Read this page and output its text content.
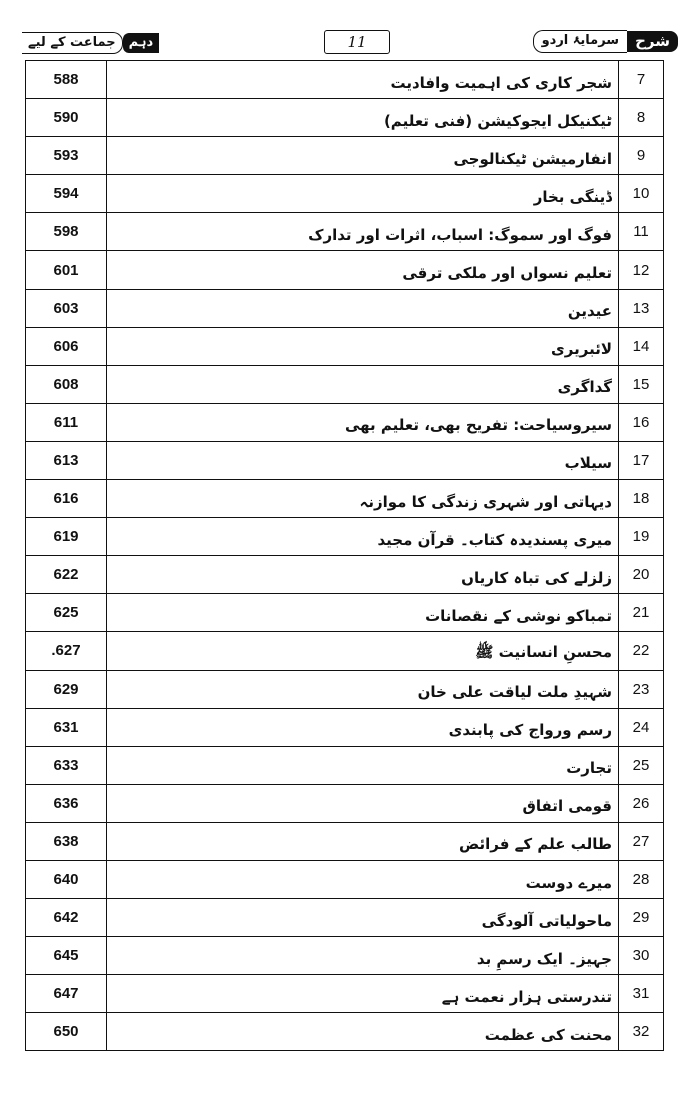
جماعت کے لیے	دہم	11	سرمایۂ اردو	شرح
588	شجر کاری کی اہمیت وافادیت	7
590	ٹیکنیکل ایجوکیشن (فنی تعلیم)	8
593	انفارمیشن ٹیکنالوجی	9
594	ڈینگی بخار	10
598	فوگ اور سموگ: اسباب، اثرات اور تدارک	11
601	تعلیم نسواں اور ملکی ترقی	12
603	عیدین	13
606	لائبریری	14
608	گداگری	15
611	سیروسیاحت: تفریح بھی، تعلیم بھی	16
613	سیلاب	17
616	دیہاتی اور شہری زندگی کا موازنہ	18
619	میری پسندیدہ کتاب۔ قرآن مجید	19
622	زلزلے کی تباہ کاریاں	20
625	تمباکو نوشی کے نقصانات	21
.627	محسنِ انسانیت ﷺ	22
629	شہیدِ ملت لیاقت علی خان	23
631	رسم ورواج کی پابندی	24
633	تجارت	25
636	قومی اتفاق	26
638	طالب علم کے فرائض	27
640	میرے دوست	28
642	ماحولیاتی آلودگی	29
645	جہیز۔ ایک رسمِ بد	30
647	تندرستی ہزار نعمت ہے	31
650	محنت کی عظمت	32
